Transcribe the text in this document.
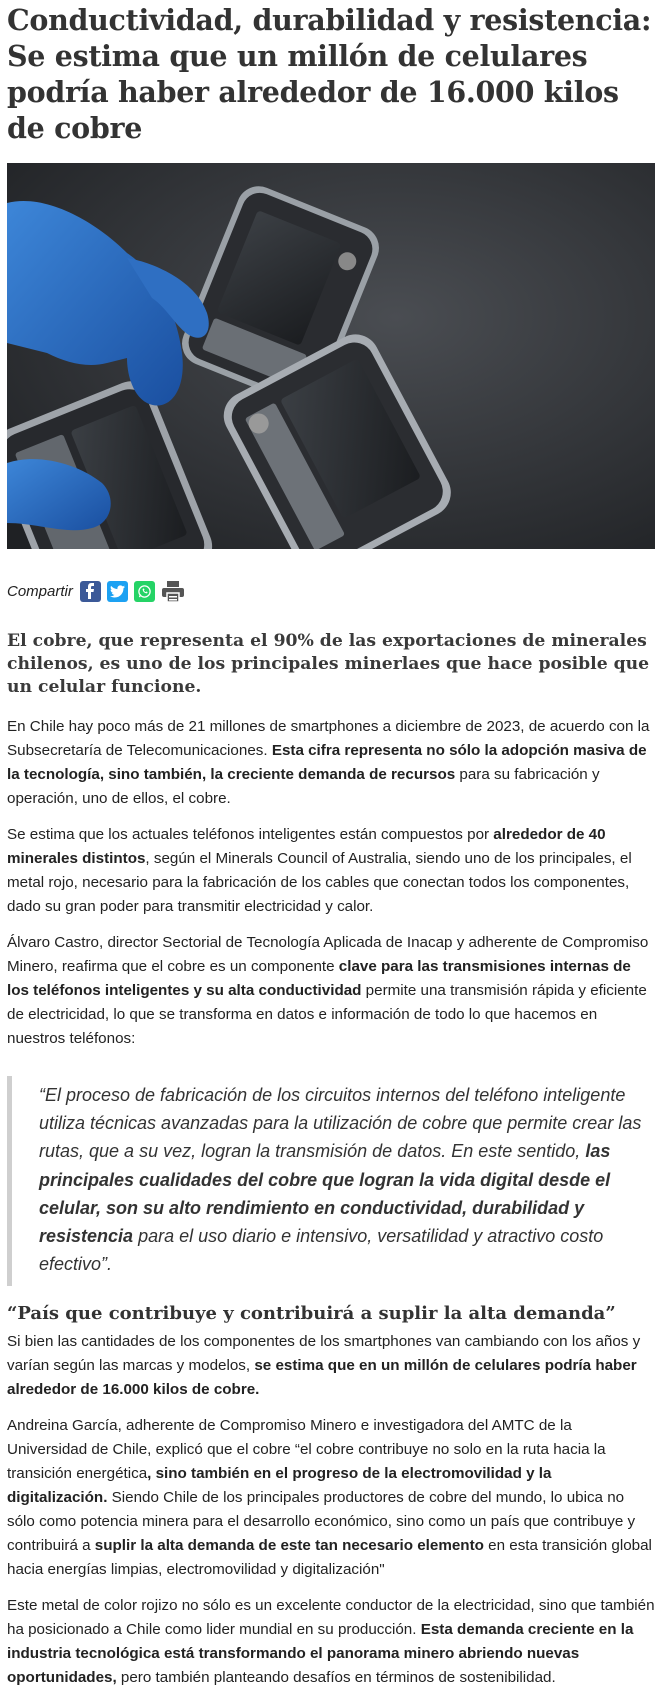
Conductividad, durabilidad y resistencia: Se estima que un millón de celulares podría haber alrededor de 16.000 kilos de cobre
Compartir

El cobre, que representa el 90% de las exportaciones de minerales chilenos, es uno de los principales minerlaes que hace posible que un celular funcione.

En Chile hay poco más de 21 millones de smartphones a diciembre de 2023, de acuerdo con la Subsecretaría de Telecomunicaciones. Esta cifra representa no sólo la adopción masiva de la tecnología, sino también, la creciente demanda de recursos para su fabricación y operación, uno de ellos, el cobre.

Se estima que los actuales teléfonos inteligentes están compuestos por alrededor de 40 minerales distintos, según el Minerals Council of Australia, siendo uno de los principales, el metal rojo, necesario para la fabricación de los cables que conectan todos los componentes, dado su gran poder para transmitir electricidad y calor.

Álvaro Castro, director Sectorial de Tecnología Aplicada de Inacap y adherente de Compromiso Minero, reafirma que el cobre es un componente clave para las transmisiones internas de los teléfonos inteligentes y su alta conductividad permite una transmisión rápida y eficiente de electricidad, lo que se transforma en datos e información de todo lo que hacemos en nuestros teléfonos:

“El proceso de fabricación de los circuitos internos del teléfono inteligente utiliza técnicas avanzadas para la utilización de cobre que permite crear las rutas, que a su vez, logran la transmisión de datos. En este sentido, las principales cualidades del cobre que logran la vida digital desde el celular, son su alto rendimiento en conductividad, durabilidad y resistencia para el uso diario e intensivo, versatilidad y atractivo costo efectivo”.
“País que contribuye y contribuirá a suplir la alta demanda”

Si bien las cantidades de los componentes de los smartphones van cambiando con los años y varían según las marcas y modelos, se estima que en un millón de celulares podría haber alrededor de 16.000 kilos de cobre.

Andreina García, adherente de Compromiso Minero e investigadora del AMTC de la Universidad de Chile, explicó que el cobre “el cobre contribuye no solo en la ruta hacia la transición energética, sino también en el progreso de la electromovilidad y la digitalización. Siendo Chile de los principales productores de cobre del mundo, lo ubica no sólo como potencia minera para el desarrollo económico, sino como un país que contribuye y contribuirá a suplir la alta demanda de este tan necesario elemento en esta transición global hacia energías limpias, electromovilidad y digitalización"

Este metal de color rojizo no sólo es un excelente conductor de la electricidad, sino que también ha posicionado a Chile como lider mundial en su producción. Esta demanda creciente en la industria tecnológica está transformando el panorama minero abriendo nuevas oportunidades, pero también planteando desafíos en términos de sostenibilidad.
